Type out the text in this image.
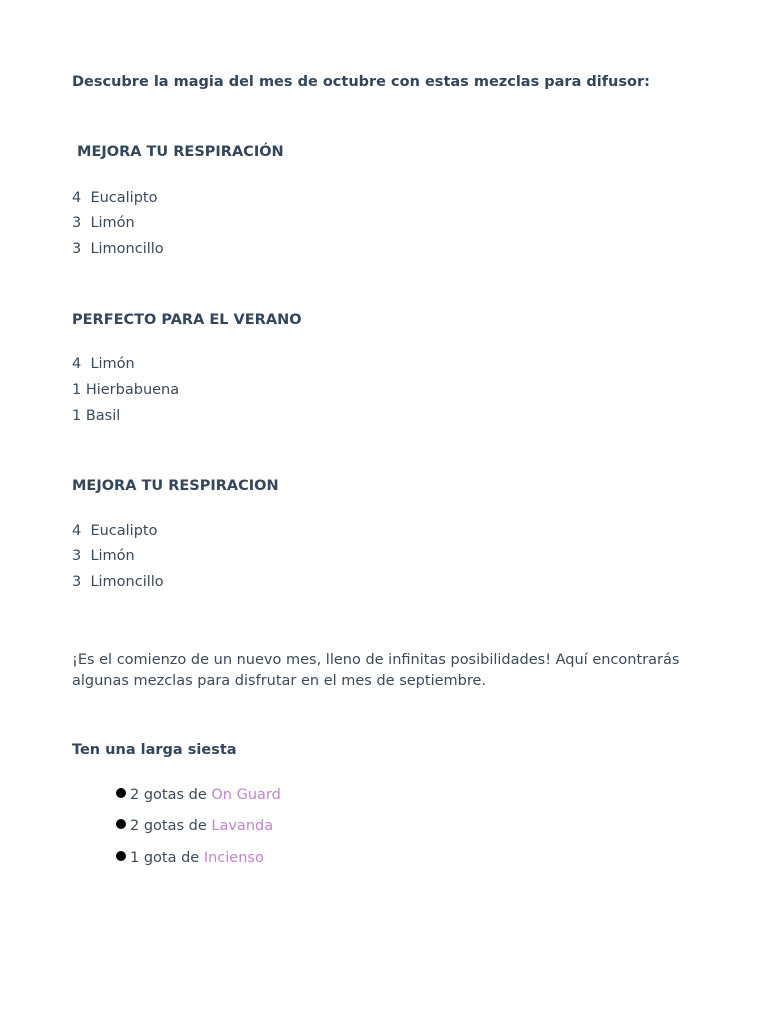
Descubre la magia del mes de octubre con estas mezclas para difusor:
MEJORA TU RESPIRACIÓN
4  Eucalipto
3  Limón
3  Limoncillo
PERFECTO PARA EL VERANO
4  Limón
1 Hierbabuena
1 Basil
MEJORA TU RESPIRACION
4  Eucalipto
3  Limón
3  Limoncillo
¡Es el comienzo de un nuevo mes, lleno de infinitas posibilidades! Aquí encontrarás algunas mezclas para disfrutar en el mes de septiembre.
Ten una larga siesta
2 gotas de On Guard
2 gotas de Lavanda
1 gota de Incienso
